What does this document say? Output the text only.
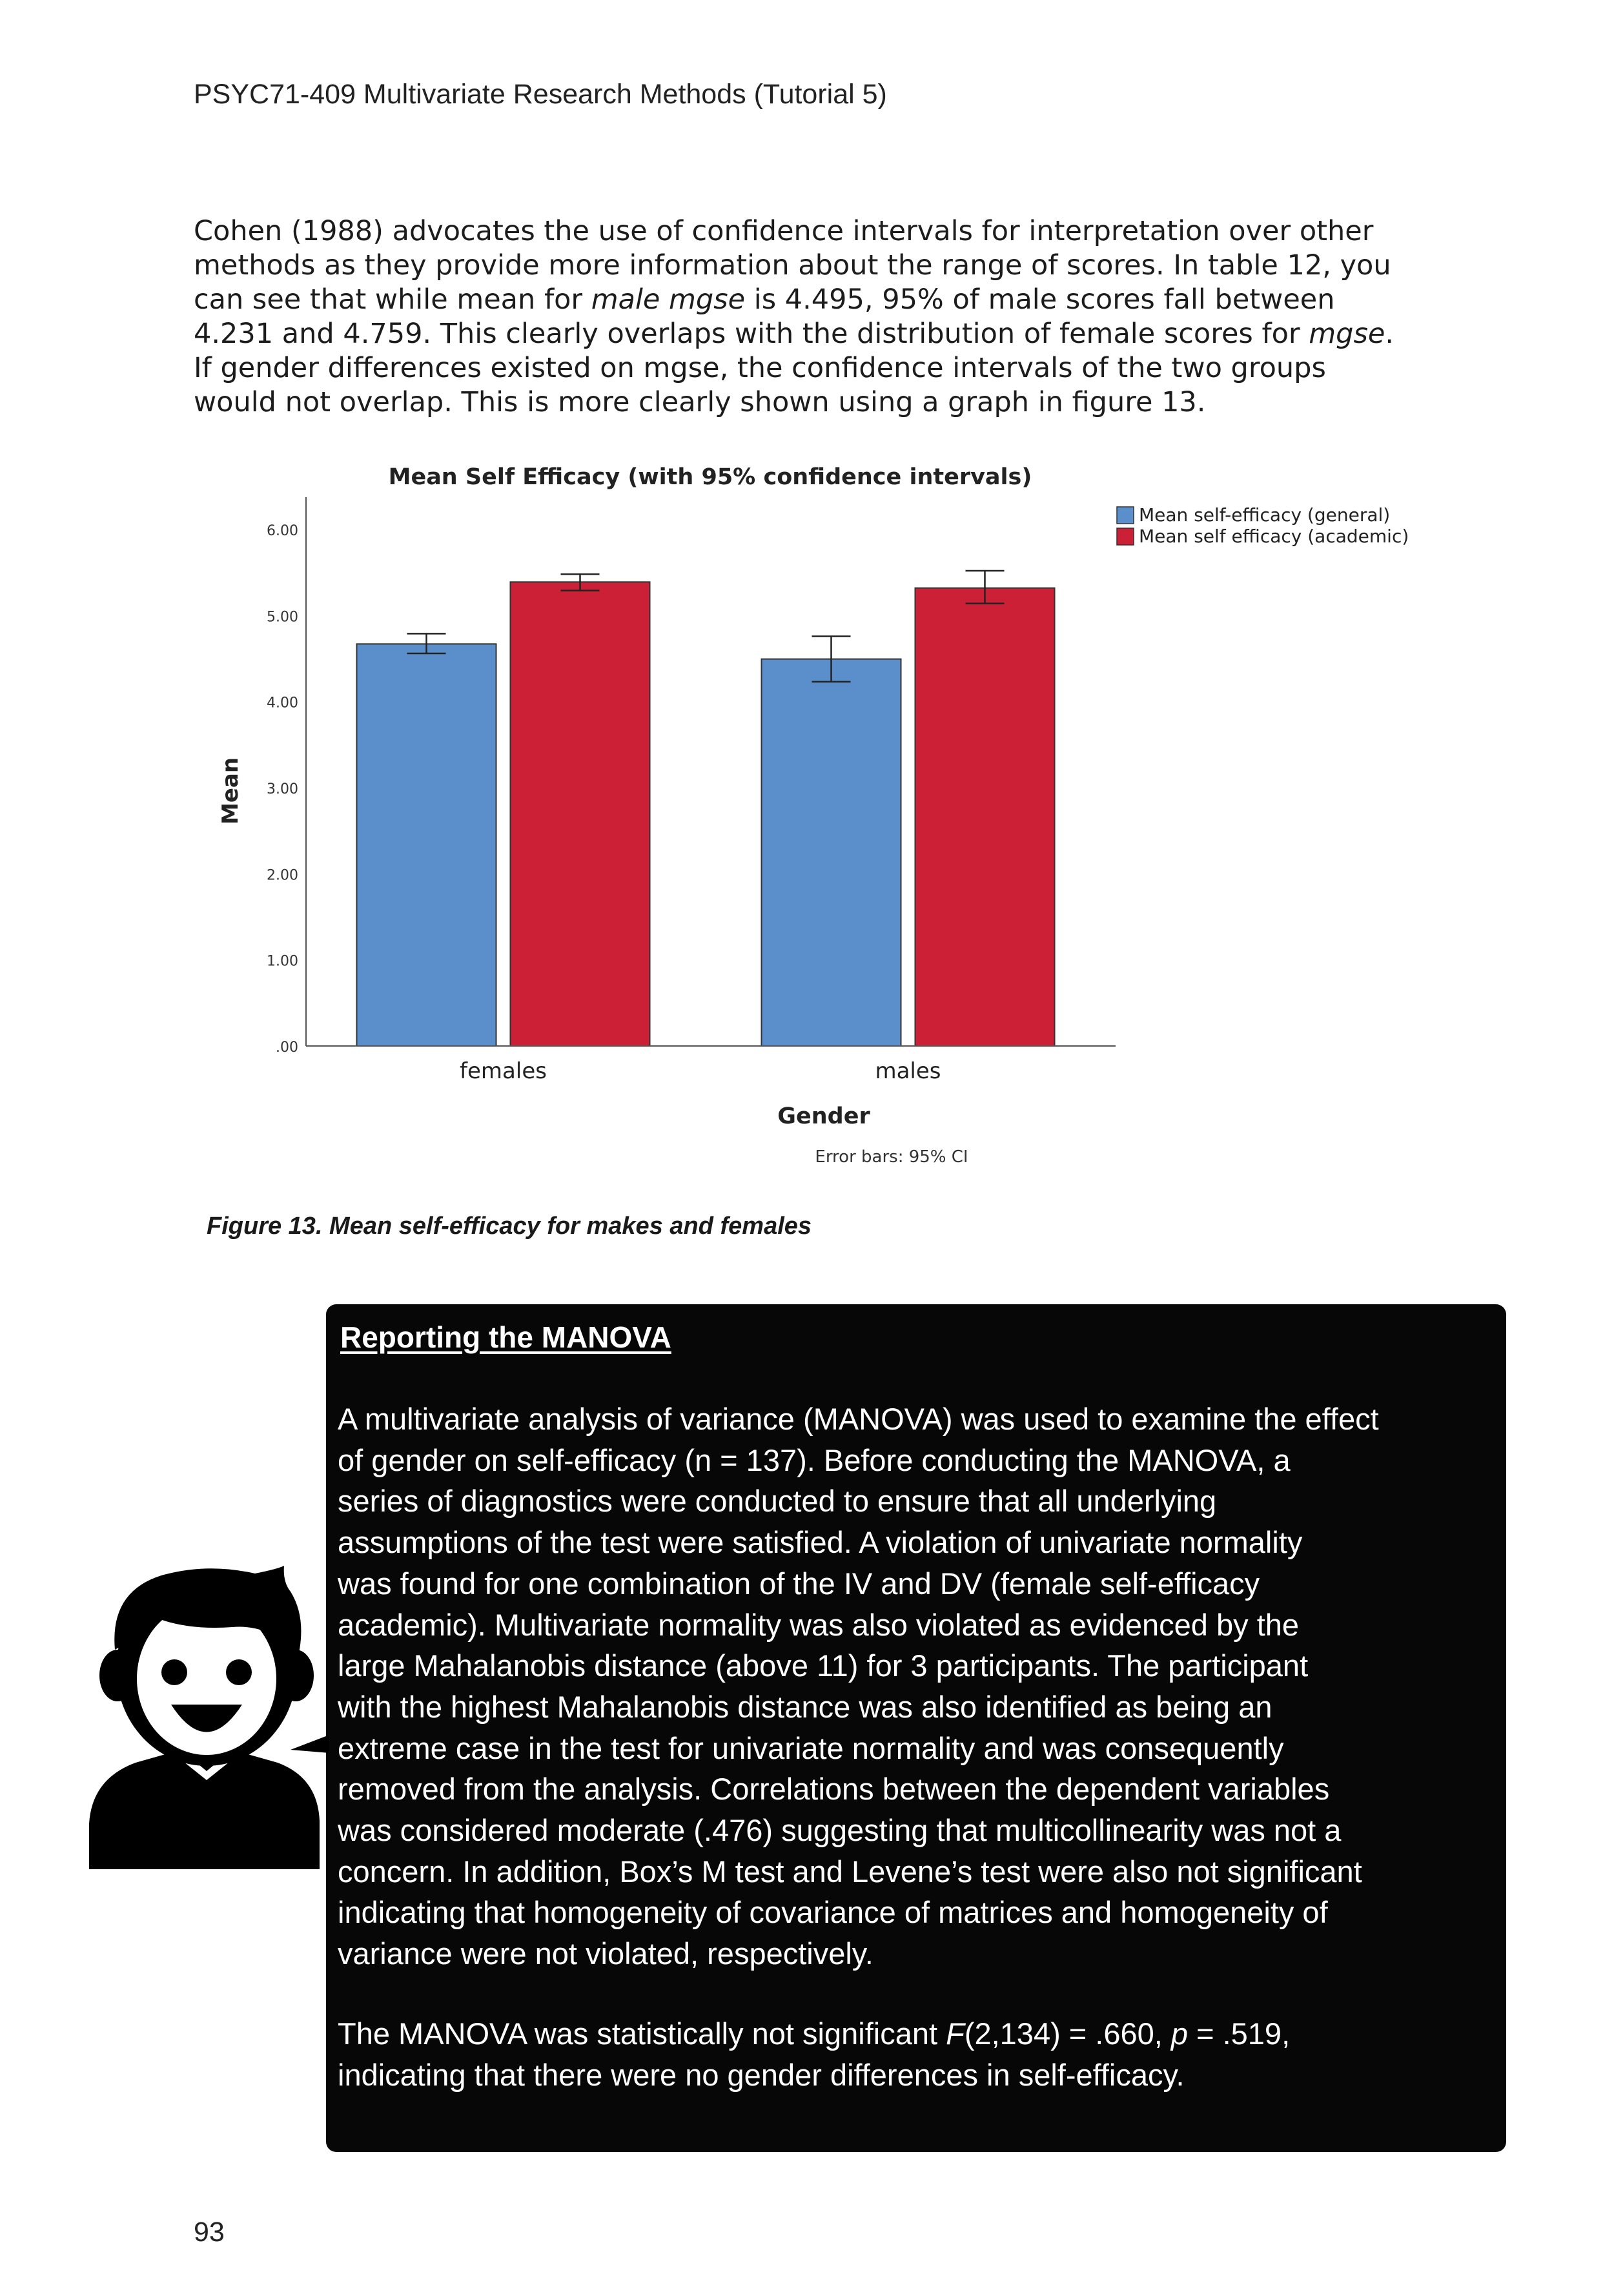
PSYC71-409 Multivariate Research Methods (Tutorial 5)
Cohen (1988) advocates the use of confidence intervals for interpretation over other
methods as they provide more information about the range of scores. In table 12, you
can see that while mean for male mgse is 4.495, 95% of male scores fall between
4.231 and 4.759. This clearly overlaps with the distribution of female scores for mgse.
If gender differences existed on mgse, the confidence intervals of the two groups
would not overlap. This is more clearly shown using a graph in figure 13.
Mean Self Efficacy (with 95% confidence intervals)
.00
1.00
2.00
3.00
4.00
5.00
6.00
Mean
females	males
Gender
Error bars: 95% CI
Mean self-efficacy (general)
Mean self efficacy (academic)
Figure 13. Mean self-efficacy for makes and females
Reporting the MANOVA
A multivariate analysis of variance (MANOVA) was used to examine the effect
of gender on self-efficacy (n = 137). Before conducting the MANOVA, a
series of diagnostics were conducted to ensure that all underlying
assumptions of the test were satisfied. A violation of univariate normality
was found for one combination of the IV and DV (female self-efficacy
academic). Multivariate normality was also violated as evidenced by the
large Mahalanobis distance (above 11) for 3 participants. The participant
with the highest Mahalanobis distance was also identified as being an
extreme case in the test for univariate normality and was consequently
removed from the analysis. Correlations between the dependent variables
was considered moderate (.476) suggesting that multicollinearity was not a
concern. In addition, Box’s M test and Levene’s test were also not significant
indicating that homogeneity of covariance of matrices and homogeneity of
variance were not violated, respectively.
The MANOVA was statistically not significant F(2,134) = .660, p = .519,
indicating that there were no gender differences in self-efficacy.
93
